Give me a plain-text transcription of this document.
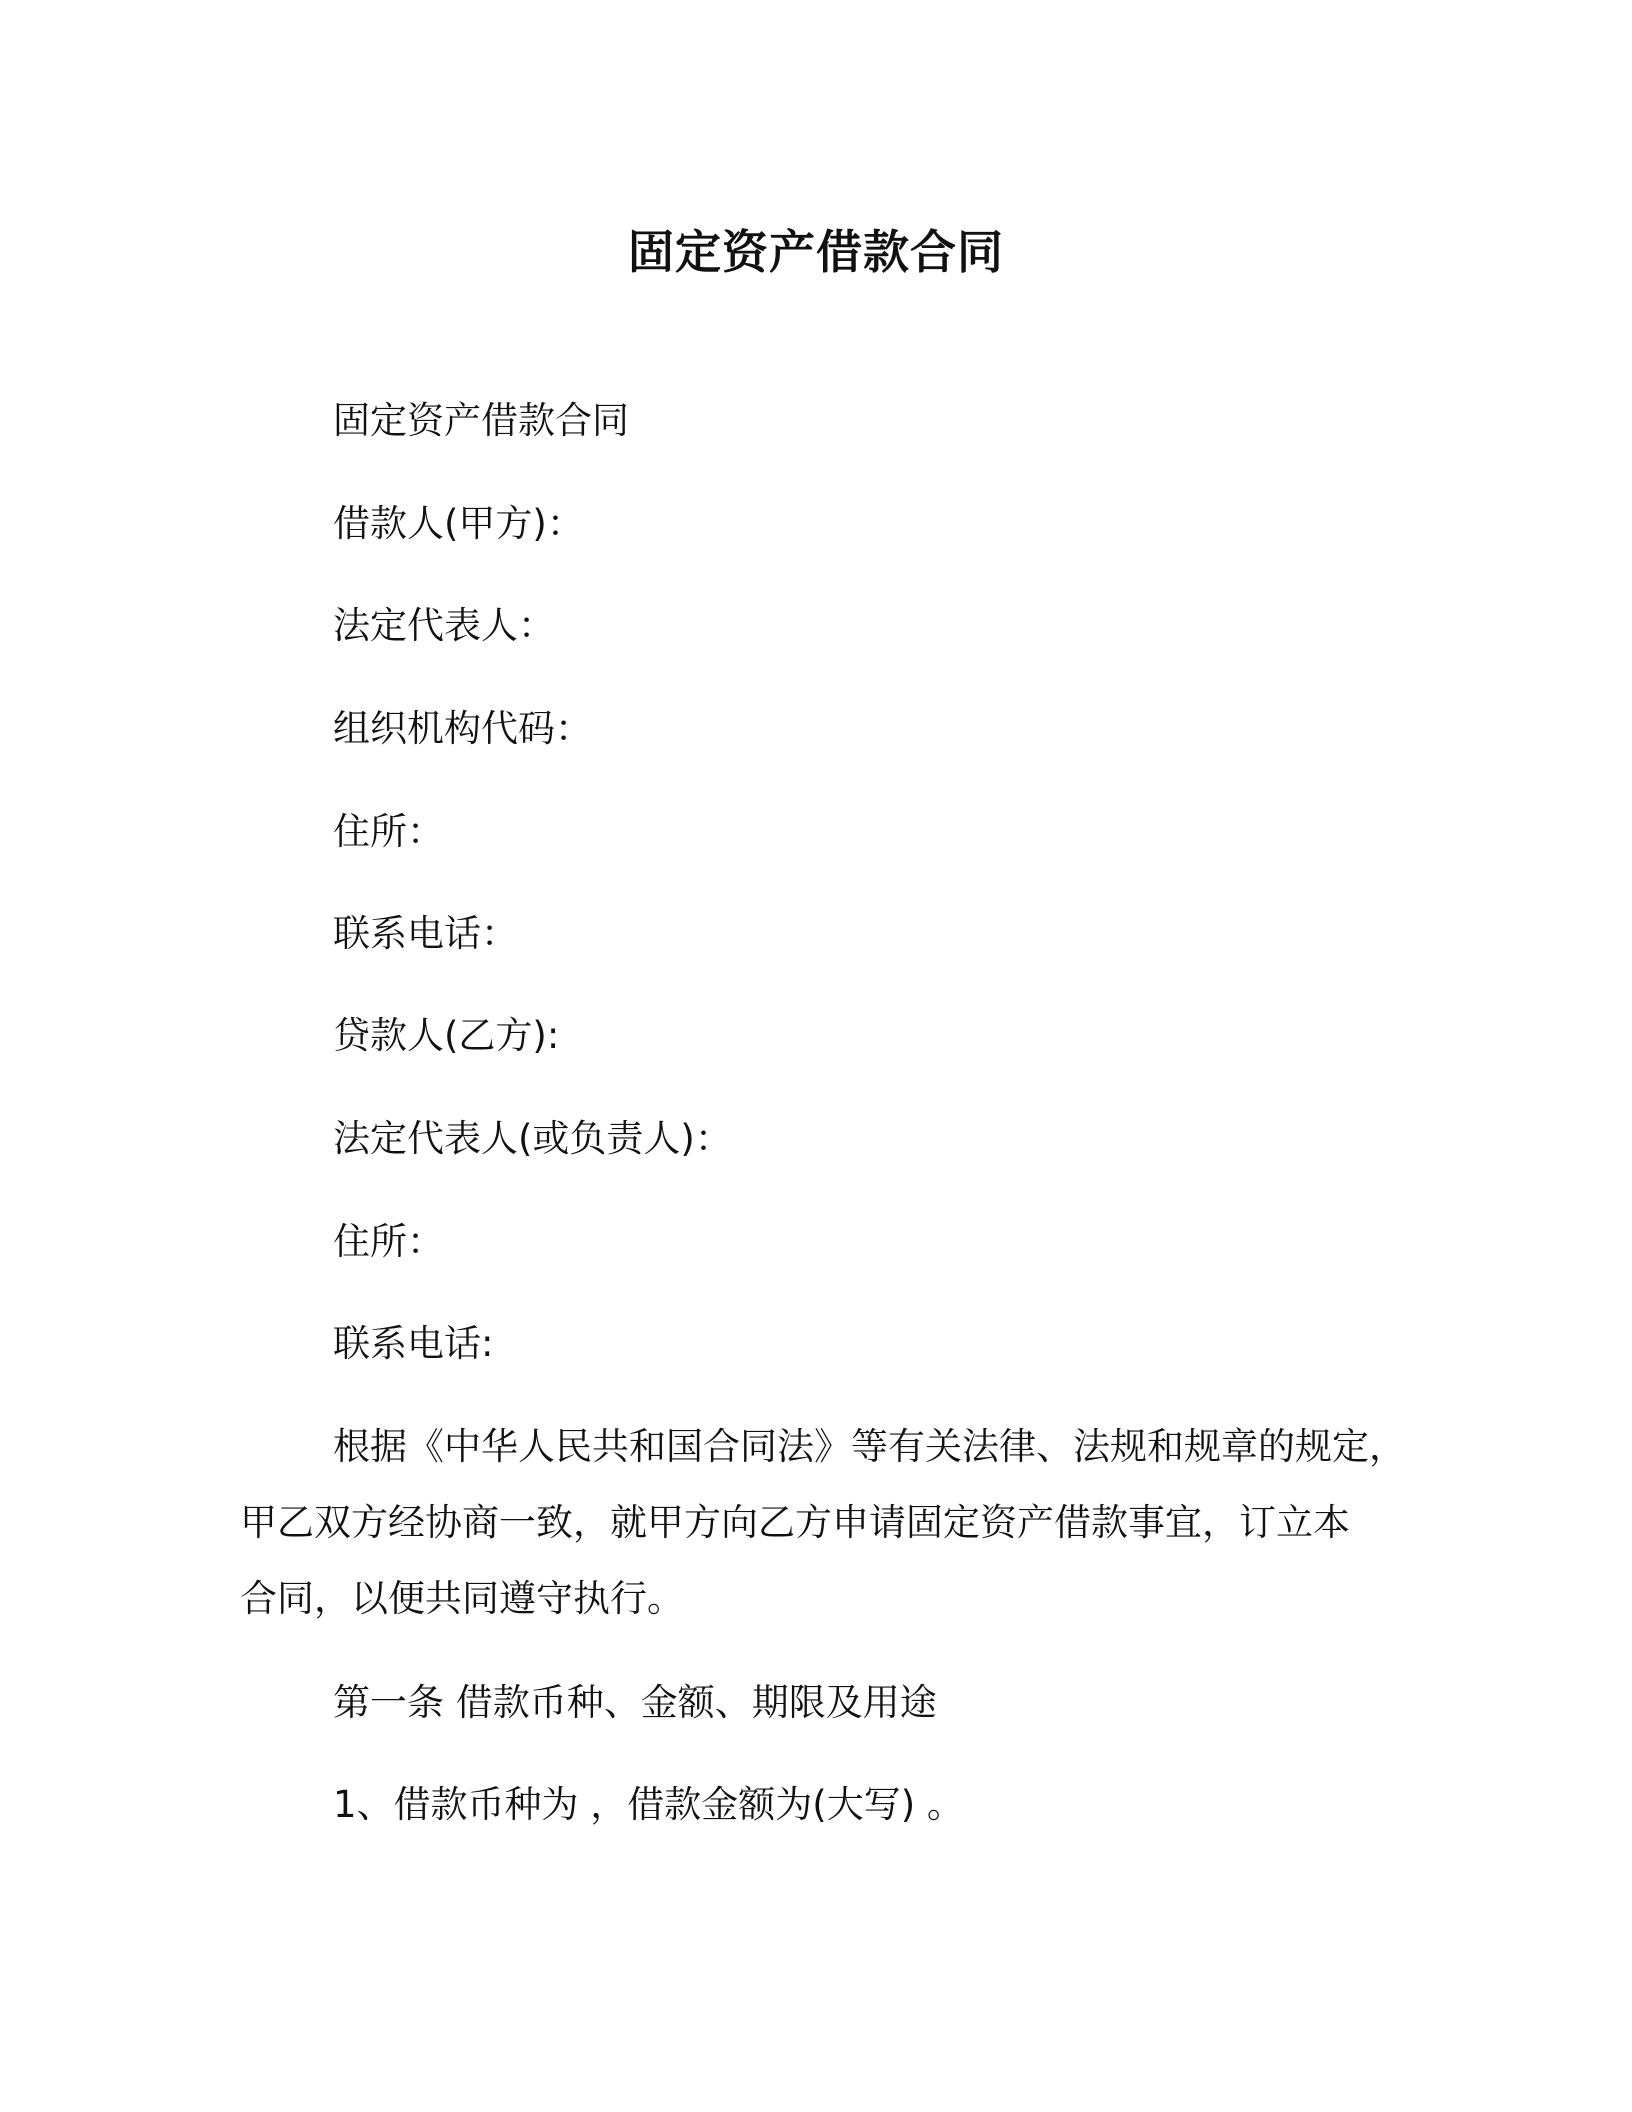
固定资产借款合同
固定资产借款合同
借款人(甲方)：
法定代表人：
组织机构代码：
住所：
联系电话：
贷款人(乙方):
法定代表人(或负责人)：
住所：
联系电话:
根据《中华人民共和国合同法》等有关法律、法规和规章的规定，
甲乙双方经协商一致，就甲方向乙方申请固定资产借款事宜，订立本
合同，以便共同遵守执行。
第一条 借款币种、金额、期限及用途
1、借款币种为 ，借款金额为(大写) 。
